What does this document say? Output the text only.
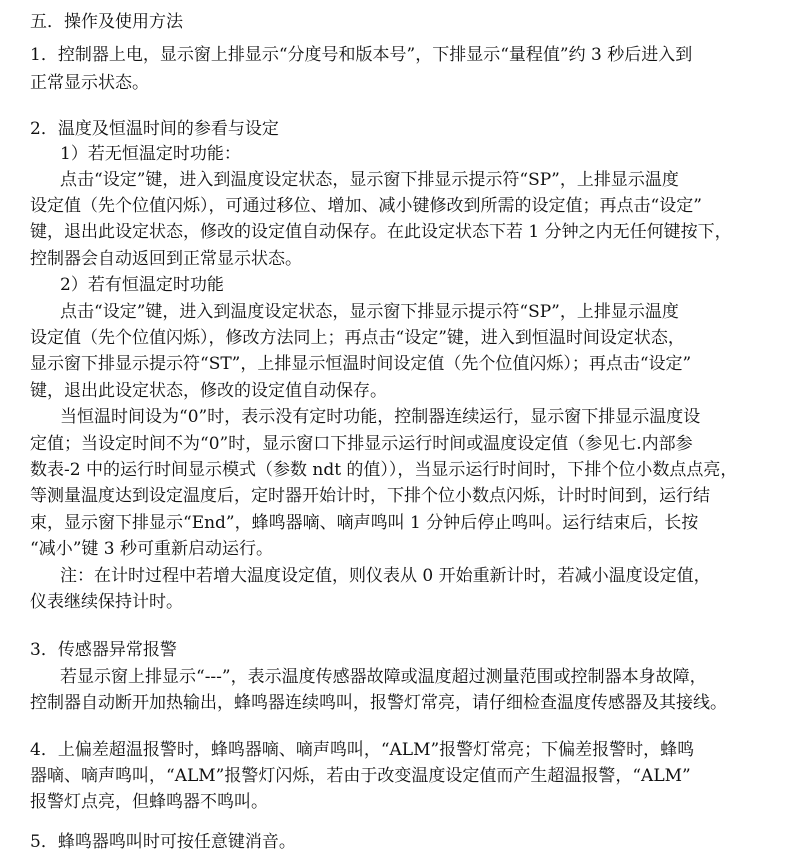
五．操作及使用方法
1．控制器上电，显示窗上排显示“分度号和版本号”，下排显示“量程值”约 3 秒后进入到
正常显示状态。
2．温度及恒温时间的参看与设定
1）若无恒温定时功能：
点击“设定”键，进入到温度设定状态，显示窗下排显示提示符“SP”，上排显示温度
设定值（先个位值闪烁），可通过移位、增加、减小键修改到所需的设定值；再点击“设定”
键，退出此设定状态，修改的设定值自动保存。在此设定状态下若 1 分钟之内无任何键按下，
控制器会自动返回到正常显示状态。
2）若有恒温定时功能
点击“设定”键，进入到温度设定状态，显示窗下排显示提示符“SP”，上排显示温度
设定值（先个位值闪烁），修改方法同上；再点击“设定”键，进入到恒温时间设定状态，
显示窗下排显示提示符“ST”，上排显示恒温时间设定值（先个位值闪烁）；再点击“设定”
键，退出此设定状态，修改的设定值自动保存。
当恒温时间设为“0”时，表示没有定时功能，控制器连续运行，显示窗下排显示温度设
定值；当设定时间不为“0”时，显示窗口下排显示运行时间或温度设定值（参见七.内部参
数表-2 中的运行时间显示模式（参数 ndt 的值）），当显示运行时间时，下排个位小数点点亮，
等测量温度达到设定温度后，定时器开始计时，下排个位小数点闪烁，计时时间到，运行结
束，显示窗下排显示“End”，蜂鸣器嘀、嘀声鸣叫 1 分钟后停止鸣叫。运行结束后，长按
“减小”键 3 秒可重新启动运行。
注：在计时过程中若增大温度设定值，则仪表从 0 开始重新计时，若减小温度设定值，
仪表继续保持计时。
3．传感器异常报警
若显示窗上排显示“---”，表示温度传感器故障或温度超过测量范围或控制器本身故障，
控制器自动断开加热输出，蜂鸣器连续鸣叫，报警灯常亮，请仔细检查温度传感器及其接线。
4．上偏差超温报警时，蜂鸣器嘀、嘀声鸣叫，“ALM”报警灯常亮；下偏差报警时，蜂鸣
器嘀、嘀声鸣叫，“ALM”报警灯闪烁，若由于改变温度设定值而产生超温报警，“ALM”
报警灯点亮，但蜂鸣器不鸣叫。
5．蜂鸣器鸣叫时可按任意键消音。
